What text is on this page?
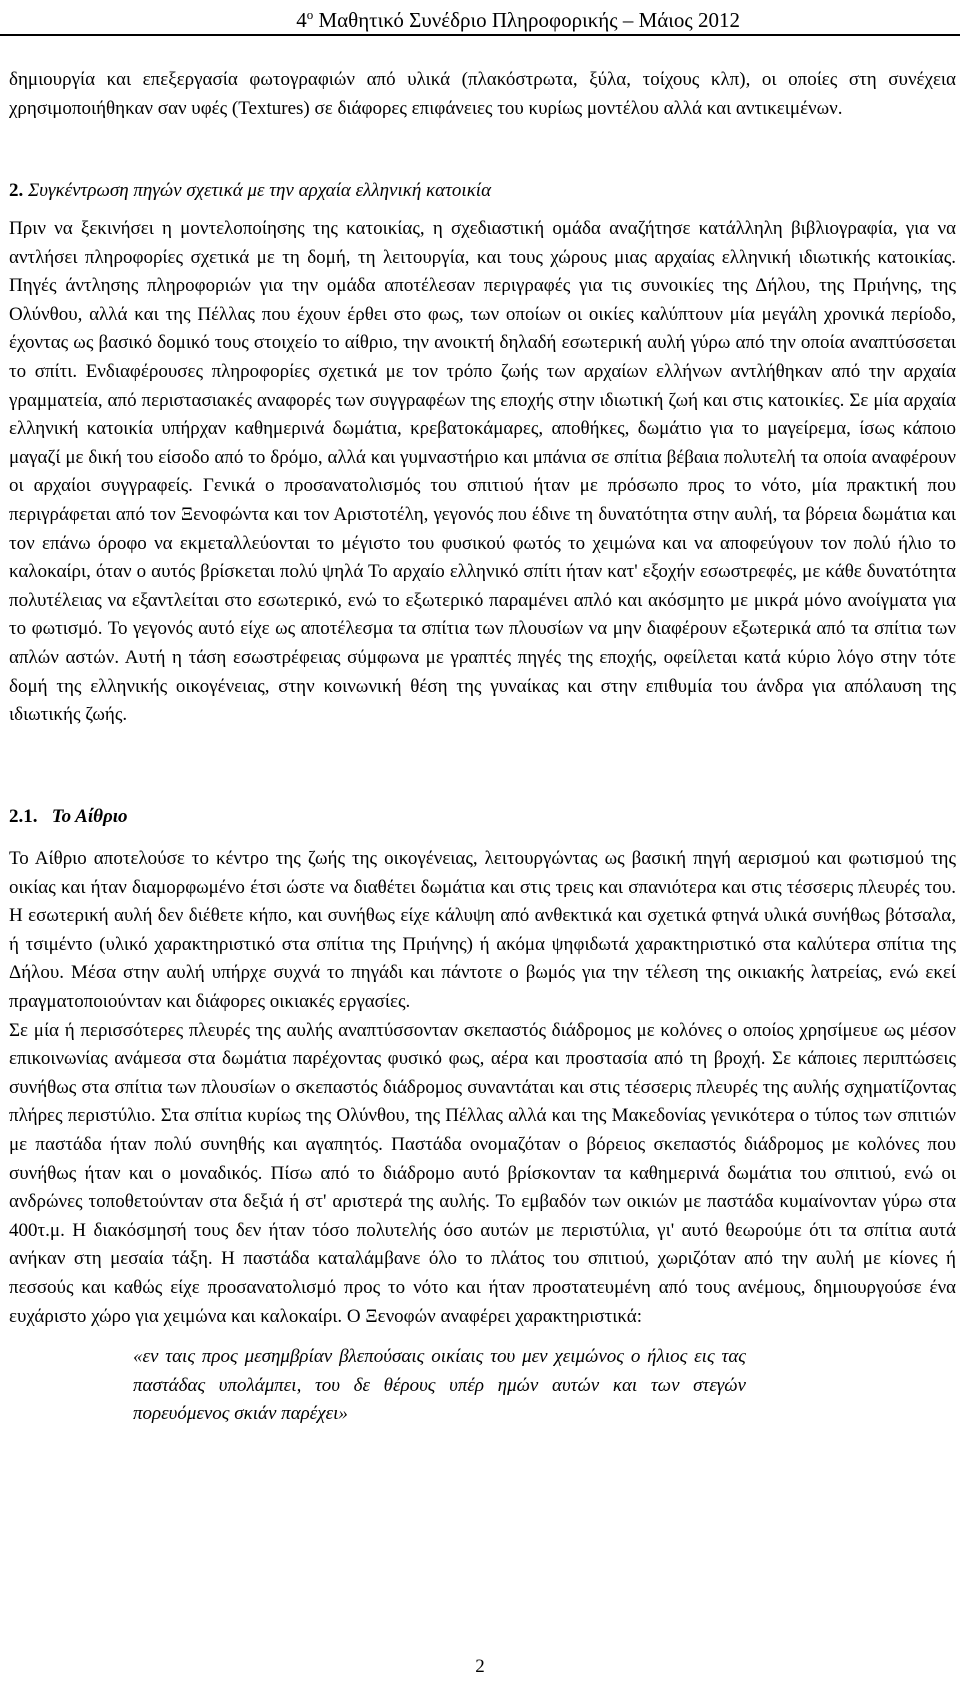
$4^o$ Μαθητικό Συνέδριο Πληροφορικής – Μάιος 2012

δημιουργία και επεξεργασία φωτογραφιών από υλικά (πλακόστρωτα, ξύλα, τοίχους κλπ), οι οποίες στη συνέχεια χρησιμοποιήθηκαν σαν υφές (Textures) σε διάφορες επιφάνειες του κυρίως μοντέλου αλλά και αντικειμένων.

2. Συγκέντρωση πηγών σχετικά με την αρχαία ελληνική κατοικία

Πριν να ξεκινήσει η μοντελοποίησης της κατοικίας, η σχεδιαστική ομάδα αναζήτησε κατάλληλη βιβλιογραφία, για να αντλήσει πληροφορίες σχετικά με τη δομή, τη λειτουργία, και τους χώρους μιας αρχαίας ελληνική ιδιωτικής κατοικίας. Πηγές άντλησης πληροφοριών για την ομάδα αποτέλεσαν περιγραφές για τις συνοικίες της Δήλου, της Πριήνης, της Ολύνθου, αλλά και της Πέλλας που έχουν έρθει στο φως, των οποίων οι οικίες καλύπτουν μία μεγάλη χρονικά περίοδο, έχοντας ως βασικό δομικό τους στοιχείο το αίθριο, την ανοικτή δηλαδή εσωτερική αυλή γύρω από την οποία αναπτύσσεται το σπίτι. Ενδιαφέρουσες πληροφορίες σχετικά με τον τρόπο ζωής των αρχαίων ελλήνων αντλήθηκαν από την αρχαία γραμματεία, από περιστασιακές αναφορές των συγγραφέων της εποχής στην ιδιωτική ζωή και στις κατοικίες. Σε μία αρχαία ελληνική κατοικία υπήρχαν καθημερινά δωμάτια, κρεβατοκάμαρες, αποθήκες, δωμάτιο για το μαγείρεμα, ίσως κάποιο μαγαζί με δική του είσοδο από το δρόμο, αλλά και γυμναστήριο και μπάνια σε σπίτια βέβαια πολυτελή τα οποία αναφέρουν οι αρχαίοι συγγραφείς. Γενικά ο προσανατολισμός του σπιτιού ήταν με πρόσωπο προς το νότο, μία πρακτική που περιγράφεται από τον Ξενοφώντα και τον Αριστοτέλη, γεγονός που έδινε τη δυνατότητα στην αυλή, τα βόρεια δωμάτια και τον επάνω όροφο να εκμεταλλεύονται το μέγιστο του φυσικού φωτός το χειμώνα και να αποφεύγουν τον πολύ ήλιο το καλοκαίρι, όταν ο αυτός βρίσκεται πολύ ψηλά Το αρχαίο ελληνικό σπίτι ήταν κατ' εξοχήν εσωστρεφές, με κάθε δυνατότητα πολυτέλειας να εξαντλείται στο εσωτερικό, ενώ το εξωτερικό παραμένει απλό και ακόσμητο με μικρά μόνο ανοίγματα για το φωτισμό. Το γεγονός αυτό είχε ως αποτέλεσμα τα σπίτια των πλουσίων να μην διαφέρουν εξωτερικά από τα σπίτια των απλών αστών. Αυτή η τάση εσωστρέφειας σύμφωνα με γραπτές πηγές της εποχής, οφείλεται κατά κύριο λόγο στην τότε δομή της ελληνικής οικογένειας, στην κοινωνική θέση της γυναίκας και στην επιθυμία του άνδρα για απόλαυση της ιδιωτικής ζωής.

2.1. Το Αίθριο

Το Αίθριο αποτελούσε το κέντρο της ζωής της οικογένειας, λειτουργώντας ως βασική πηγή αερισμού και φωτισμού της οικίας και ήταν διαμορφωμένο έτσι ώστε να διαθέτει δωμάτια και στις τρεις και σπανιότερα και στις τέσσερις πλευρές του. Η εσωτερική αυλή δεν διέθετε κήπο, και συνήθως είχε κάλυψη από ανθεκτικά και σχετικά φτηνά υλικά συνήθως βότσαλα, ή τσιμέντο (υλικό χαρακτηριστικό στα σπίτια της Πριήνης) ή ακόμα ψηφιδωτά χαρακτηριστικό στα καλύτερα σπίτια της Δήλου. Μέσα στην αυλή υπήρχε συχνά το πηγάδι και πάντοτε ο βωμός για την τέλεση της οικιακής λατρείας, ενώ εκεί πραγματοποιούνταν και διάφορες οικιακές εργασίες.

Σε μία ή περισσότερες πλευρές της αυλής αναπτύσσονταν σκεπαστός διάδρομος με κολόνες ο οποίος χρησίμευε ως μέσον επικοινωνίας ανάμεσα στα δωμάτια παρέχοντας φυσικό φως, αέρα και προστασία από τη βροχή. Σε κάποιες περιπτώσεις συνήθως στα σπίτια των πλουσίων ο σκεπαστός διάδρομος συναντάται και στις τέσσερις πλευρές της αυλής σχηματίζοντας πλήρες περιστύλιο. Στα σπίτια κυρίως της Ολύνθου, της Πέλλας αλλά και της Μακεδονίας γενικότερα ο τύπος των σπιτιών με παστάδα ήταν πολύ συνηθής και αγαπητός. Παστάδα ονομαζόταν ο βόρειος σκεπαστός διάδρομος με κολόνες που συνήθως ήταν και ο μοναδικός. Πίσω από το διάδρομο αυτό βρίσκονταν τα καθημερινά δωμάτια του σπιτιού, ενώ οι ανδρώνες τοποθετούνταν στα δεξιά ή στ' αριστερά της αυλής. Το εμβαδόν των οικιών με παστάδα κυμαίνονταν γύρω στα 400τ.μ. Η διακόσμησή τους δεν ήταν τόσο πολυτελής όσο αυτών με περιστύλια, γι' αυτό θεωρούμε ότι τα σπίτια αυτά ανήκαν στη μεσαία τάξη. Η παστάδα καταλάμβανε όλο το πλάτος του σπιτιού, χωριζόταν από την αυλή με κίονες ή πεσσούς και καθώς είχε προσανατολισμό προς το νότο και ήταν προστατευμένη από τους ανέμους, δημιουργούσε ένα ευχάριστο χώρο για χειμώνα και καλοκαίρι. Ο Ξενοφών αναφέρει χαρακτηριστικά:

«εν ταις προς μεσημβρίαν βλεπούσαις οικίαις του μεν χειμώνος ο ήλιος εις τας παστάδας υπολάμπει, του δε θέρους υπέρ ημών αυτών και των στεγών πορευόμενος σκιάν παρέχει»

2
